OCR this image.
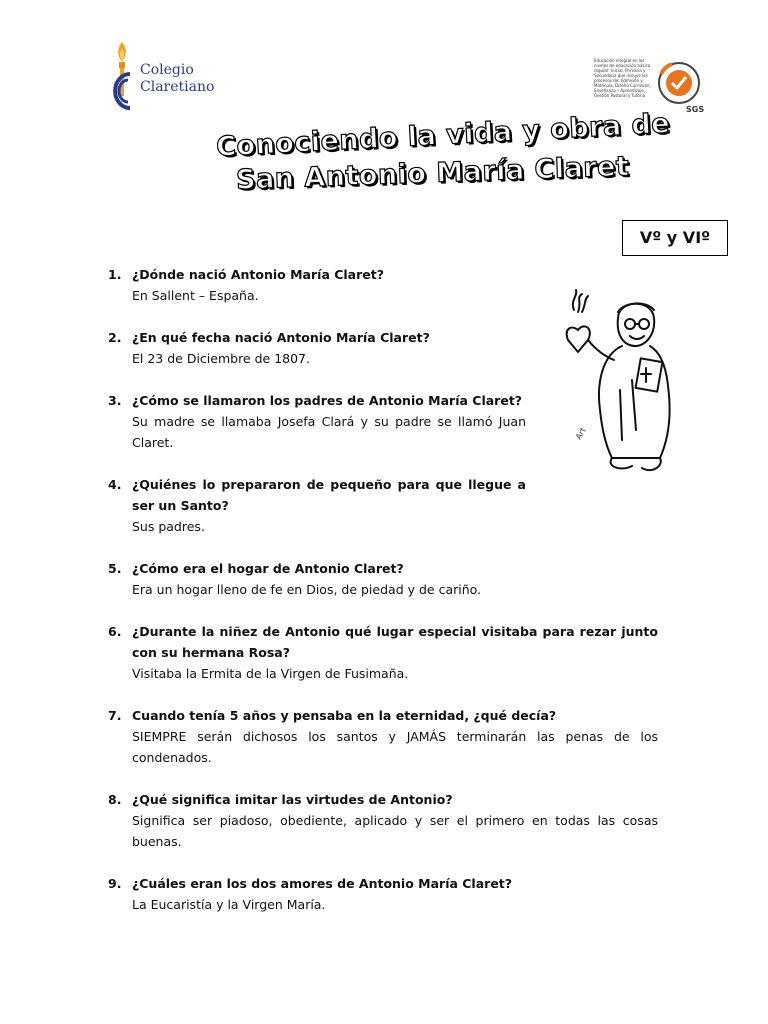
Colegio
Claretiano
Educación integral en los niveles de educación básica regular: Inicial, Primaria y Secundaria que incluye los procesos de: Admisión y Matrícula, Diseño Curricular, Enseñanza – Aprendizaje, Gestión Pastoral y Tutoría
SGS
Conociendo la vida y obra de
San Antonio María Claret
Vº y VIº
Art
1. ¿Dónde nació Antonio María Claret?
En Sallent – España.
2. ¿En qué fecha nació Antonio María Claret?
El 23 de Diciembre de 1807.
3. ¿Cómo se llamaron los padres de Antonio María Claret?
Su madre se llamaba Josefa Clará y su padre se llamó Juan Claret.
4. ¿Quiénes lo prepararon de pequeño para que llegue a ser un Santo?
Sus padres.
5. ¿Cómo era el hogar de Antonio Claret?
Era un hogar lleno de fe en Dios, de piedad y de cariño.
6. ¿Durante la niñez de Antonio qué lugar especial visitaba para rezar junto con su hermana Rosa?
Visitaba la Ermita de la Virgen de Fusimaña.
7. Cuando tenía 5 años y pensaba en la eternidad, ¿qué decía?
SIEMPRE serán dichosos los santos y JAMÁS terminarán las penas de los condenados.
8. ¿Qué significa imitar las virtudes de Antonio?
Significa ser piadoso, obediente, aplicado y ser el primero en todas las cosas buenas.
9. ¿Cuáles eran los dos amores de Antonio María Claret?
La Eucaristía y la Virgen María.
